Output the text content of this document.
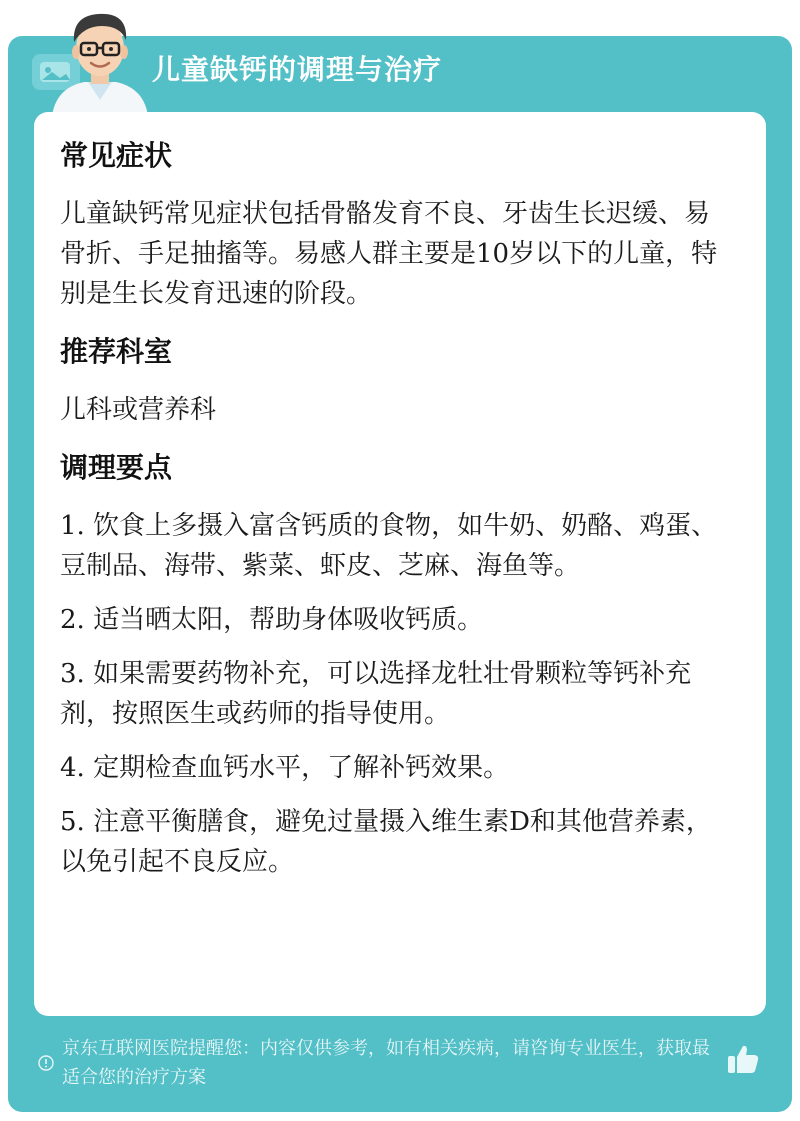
儿童缺钙的调理与治疗
常见症状

儿童缺钙常见症状包括骨骼发育不良、牙齿生长迟缓、易骨折、手足抽搐等。易感人群主要是10岁以下的儿童，特别是生长发育迅速的阶段。

推荐科室

儿科或营养科

调理要点

1. 饮食上多摄入富含钙质的食物，如牛奶、奶酪、鸡蛋、豆制品、海带、紫菜、虾皮、芝麻、海鱼等。

2. 适当晒太阳，帮助身体吸收钙质。

3. 如果需要药物补充，可以选择龙牡壮骨颗粒等钙补充剂，按照医生或药师的指导使用。

4. 定期检查血钙水平，了解补钙效果。

5. 注意平衡膳食，避免过量摄入维生素D和其他营养素，以免引起不良反应。

京东互联网医院提醒您：内容仅供参考，如有相关疾病，请咨询专业医生，获取最适合您的治疗方案
